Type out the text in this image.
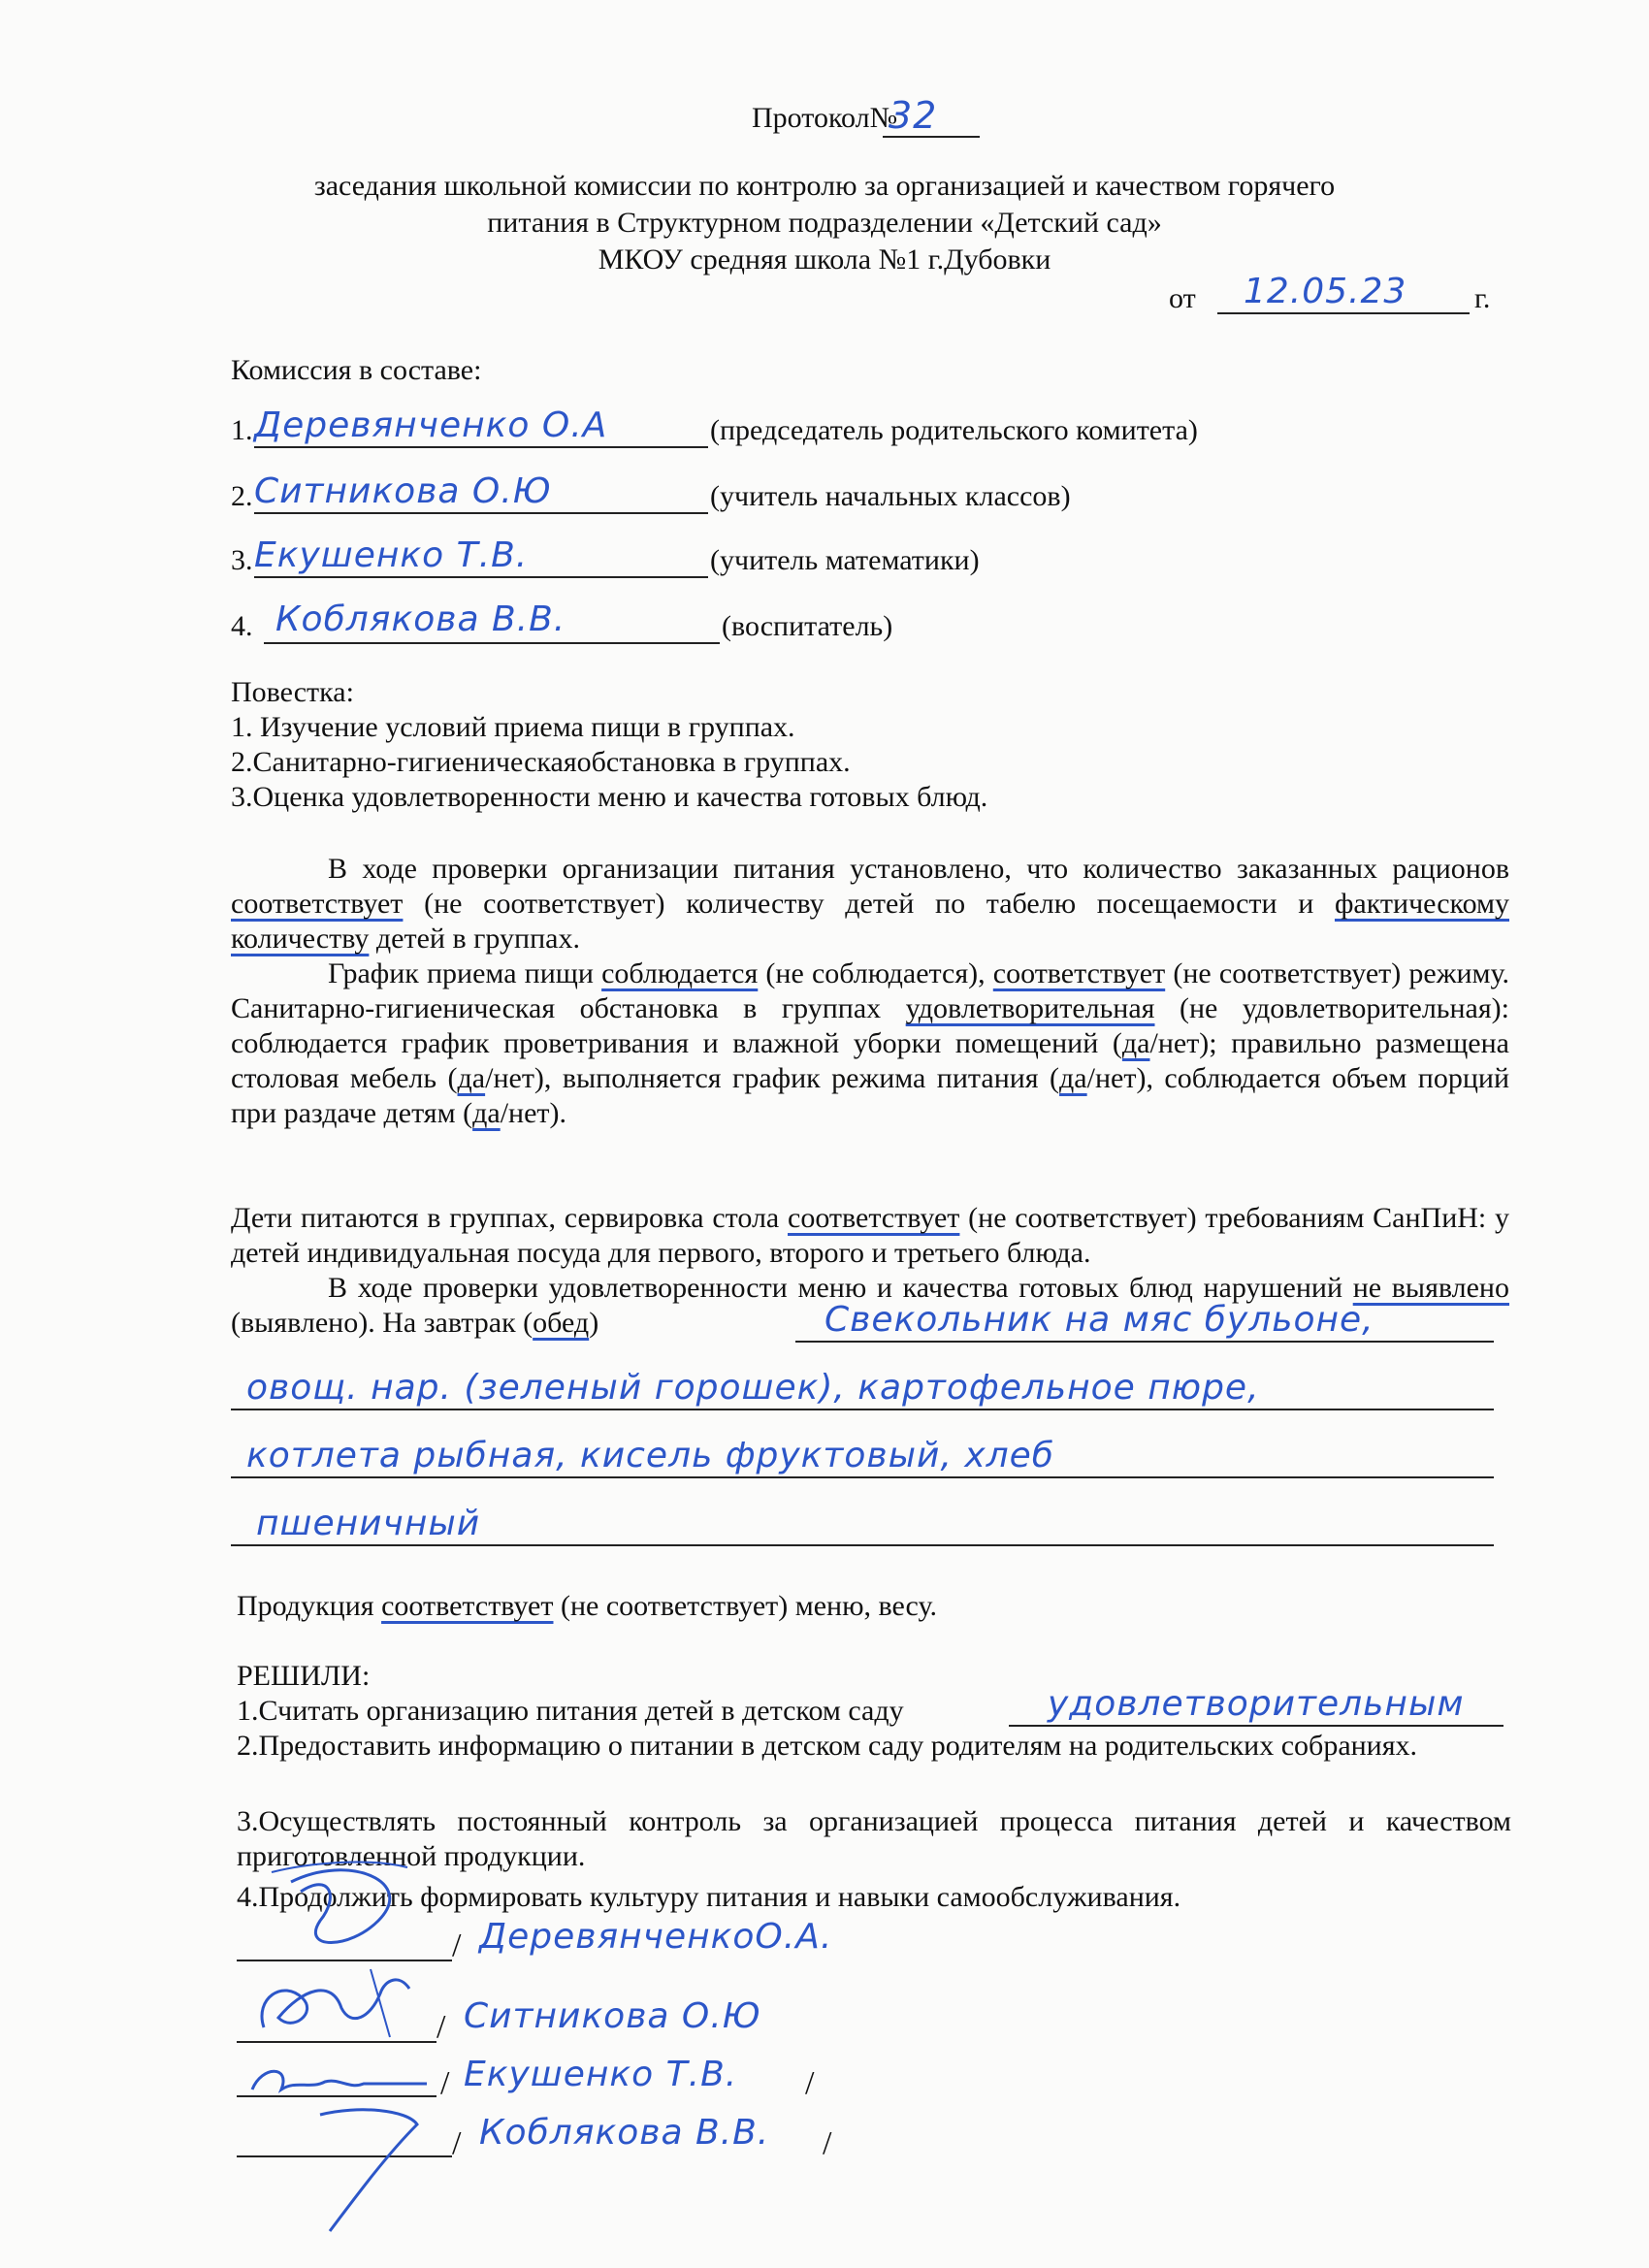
Протокол№
32
заседания школьной комиссии по контролю за организацией и качеством горячего
питания в Структурном подразделении «Детский сад»
МКОУ средняя школа №1 г.Дубовки
от 12.05.23 г.
Комиссия в составе:
1. Деревянченко О.А	(председатель родительского комитета)
2. Ситникова О.Ю	(учитель начальных классов)
3. Екушенко Т.В.	(учитель математики)
4. Коблякова В.В.	(воспитатель)
Повестка:
1. Изучение условий приема пищи в группах.
2.Санитарно-гигиеническаяобстановка в группах.
3.Оценка удовлетворенности меню и качества готовых блюд.
В ходе проверки организации питания установлено, что количество заказанных рационов соответствует (не соответствует) количеству детей по табелю посещаемости и фактическому количеству детей в группах.
График приема пищи соблюдается (не соблюдается), соответствует (не соответствует) режиму. Санитарно-гигиеническая обстановка в группах удовлетворительная (не удовлетворительная): соблюдается график проветривания и влажной уборки помещений (да/нет); правильно размещена столовая мебель (да/нет), выполняется график режима питания (да/нет), соблюдается объем порций при раздаче детям (да/нет).
Дети питаются в группах, сервировка стола соответствует (не соответствует) требованиям СанПиН: у детей индивидуальная посуда для первого, второго и третьего блюда.
В ходе проверки удовлетворенности меню и качества готовых блюд нарушений не выявлено (выявлено). На завтрак (обед)	Свекольник на мяс бульоне,
овощ. нар. (зеленый горошек), картофельное пюре,
котлета рыбная, кисель фруктовый, хлеб
пшеничный
Продукция соответствует (не соответствует) меню, весу.
РЕШИЛИ:
1.Считать организацию питания детей в детском саду	удовлетворительным
2.Предоставить информацию о питании в детском саду родителям на родительских собраниях.
3.Осуществлять постоянный контроль за организацией процесса питания детей и качеством приготовленной продукции.
4.Продолжить формировать культуру питания и навыки самообслуживания.
/ ДеревянченкоО.А.
/ Ситникова О.Ю
/ Екушенко Т.В. /
/ Коблякова В.В. /
